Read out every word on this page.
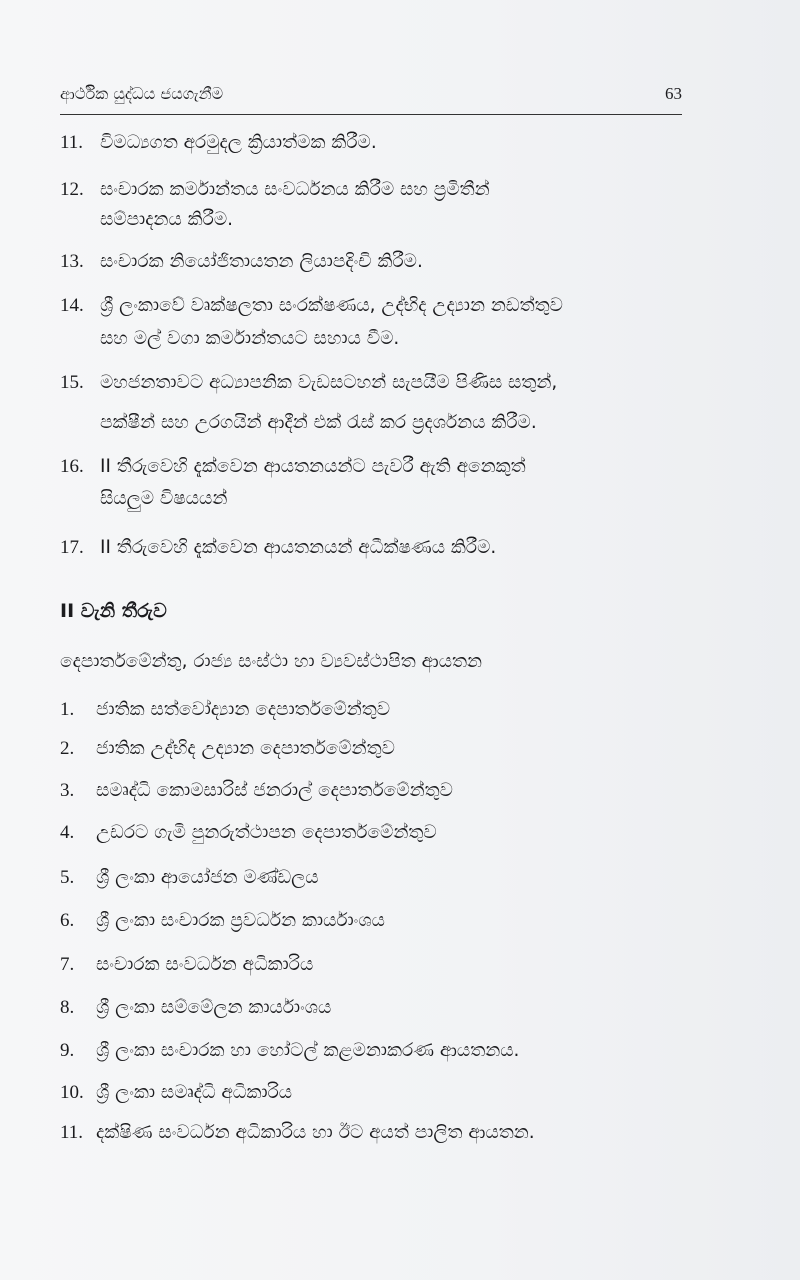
ආර්ථික යුද්ධය ජයගැනීම	63
11. විමධ්‍යගත අරමුදල ක්‍රියාත්මක කිරීම.
12. සංචාරක කර්මාන්තය සංවර්ධනය කිරීම සහ ප්‍රමිතීන්
සම්පාදනය කිරීම.
13. සංචාරක නියෝජිතායතන ලියාපදිංචි කිරීම.
14. ශ්‍රී ලංකාවේ වෘක්ෂලතා සංරක්ෂණය, උද්භිද උද්‍යාන නඩත්තුව
සහ මල් වගා කර්මාන්තයට සහාය වීම.
15. මහජනතාවට අධ්‍යාපනික වැඩසටහන් සැපයීම පිණිස සතුන්,
පක්ෂීන් සහ උරගයින් ආදීන් එක් රැස් කර ප්‍රදර්ශනය කිරීම.
16. II තීරුවෙහි දැක්වෙන ආයතනයන්ට පැවරී ඇති අනෙකුත්
සියලුම විෂයයන්
17. II තීරුවෙහි දැක්වෙන ආයතනයන් අධීක්ෂණය කිරීම.
II වැනි තීරුව
දෙපාර්තමේන්තු, රාජ්‍ය සංස්ථා හා ව්‍යවස්ථාපිත ආයතන
1. ජාතික සත්වෝද්‍යාන දෙපාර්තමේන්තුව
2. ජාතික උද්භිද උද්‍යාන දෙපාර්තමේන්තුව
3. සමෘද්ධි කොමසාරිස් ජනරාල් දෙපාර්තමේන්තුව
4. උඩරට ගැමි පුනරුත්ථාපන දෙපාර්තමේන්තුව
5. ශ්‍රී ලංකා ආයෝජන මණ්ඩලය
6. ශ්‍රී ලංකා සංචාරක ප්‍රවර්ධන කාර්යාංශය
7. සංචාරක සංවර්ධන අධිකාරිය
8. ශ්‍රී ලංකා සම්මේලන කාර්යාංශය
9. ශ්‍රී ලංකා සංචාරක හා හෝටල් කළමනාකරණ ආයතනය.
10. ශ්‍රී ලංකා සමෘද්ධි අධිකාරිය
11. දක්ෂිණ සංවර්ධන අධිකාරිය හා ඊට අයත් පාලිත ආයතන.
